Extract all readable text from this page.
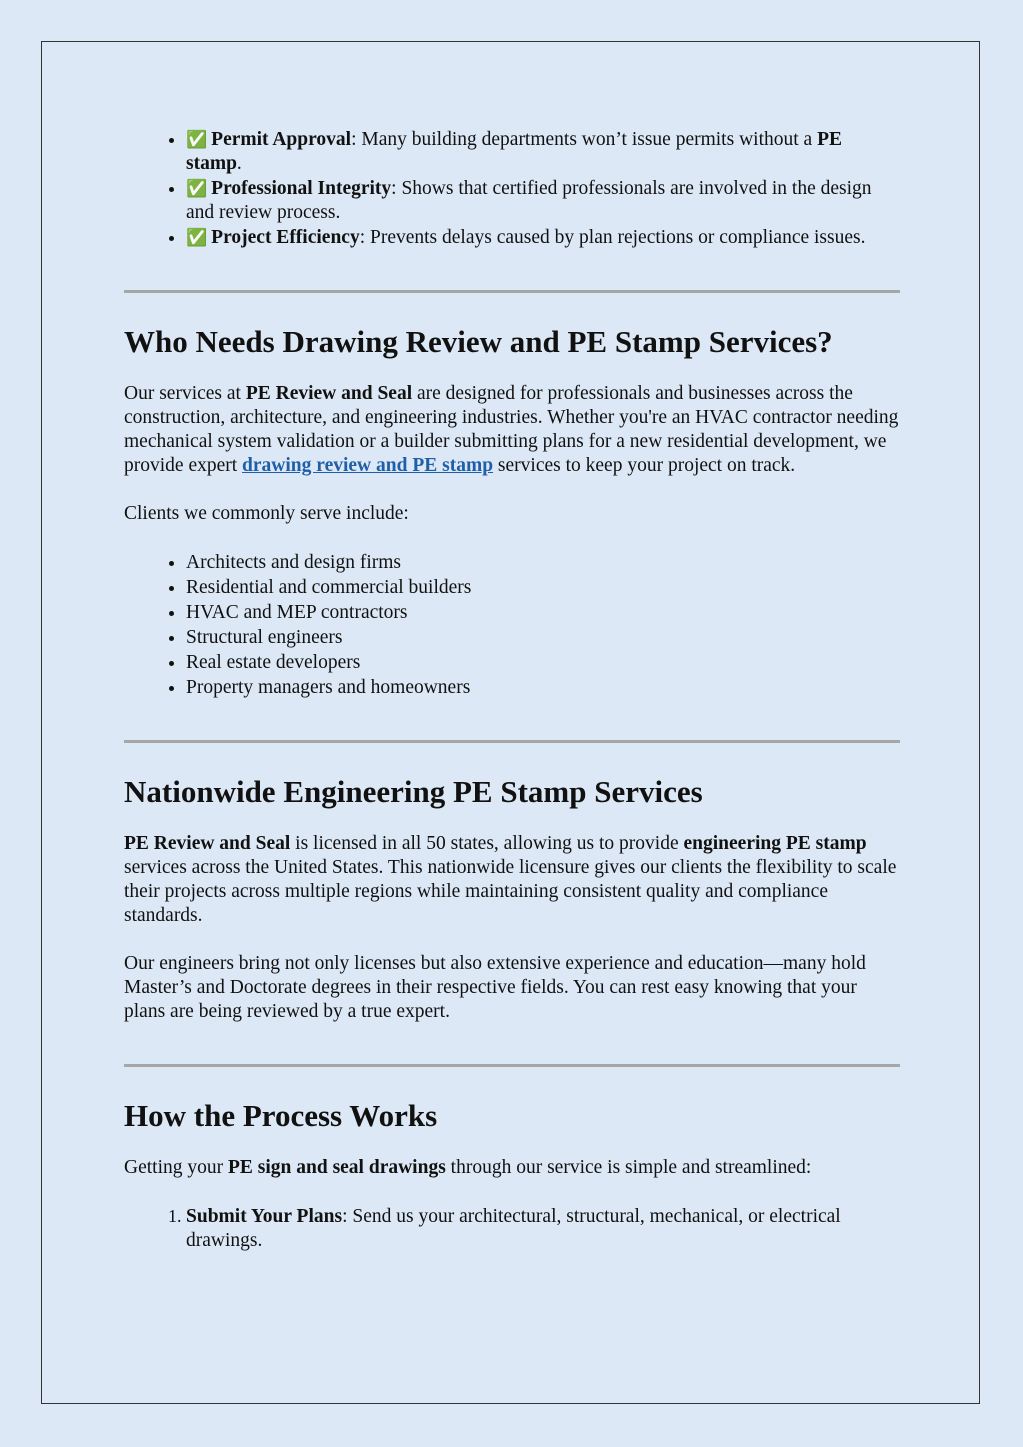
• ✅ Permit Approval: Many building departments won’t issue permits without a PE stamp.
• ✅ Professional Integrity: Shows that certified professionals are involved in the design and review process.
• ✅ Project Efficiency: Prevents delays caused by plan rejections or compliance issues.
Who Needs Drawing Review and PE Stamp Services?

Our services at PE Review and Seal are designed for professionals and businesses across the construction, architecture, and engineering industries. Whether you're an HVAC contractor needing mechanical system validation or a builder submitting plans for a new residential development, we provide expert drawing review and PE stamp services to keep your project on track.

Clients we commonly serve include:

• Architects and design firms
• Residential and commercial builders
• HVAC and MEP contractors
• Structural engineers
• Real estate developers
• Property managers and homeowners
Nationwide Engineering PE Stamp Services

PE Review and Seal is licensed in all 50 states, allowing us to provide engineering PE stamp services across the United States. This nationwide licensure gives our clients the flexibility to scale their projects across multiple regions while maintaining consistent quality and compliance standards.

Our engineers bring not only licenses but also extensive experience and education—many hold Master’s and Doctorate degrees in their respective fields. You can rest easy knowing that your plans are being reviewed by a true expert.

How the Process Works

Getting your PE sign and seal drawings through our service is simple and streamlined:

1. Submit Your Plans: Send us your architectural, structural, mechanical, or electrical drawings.
